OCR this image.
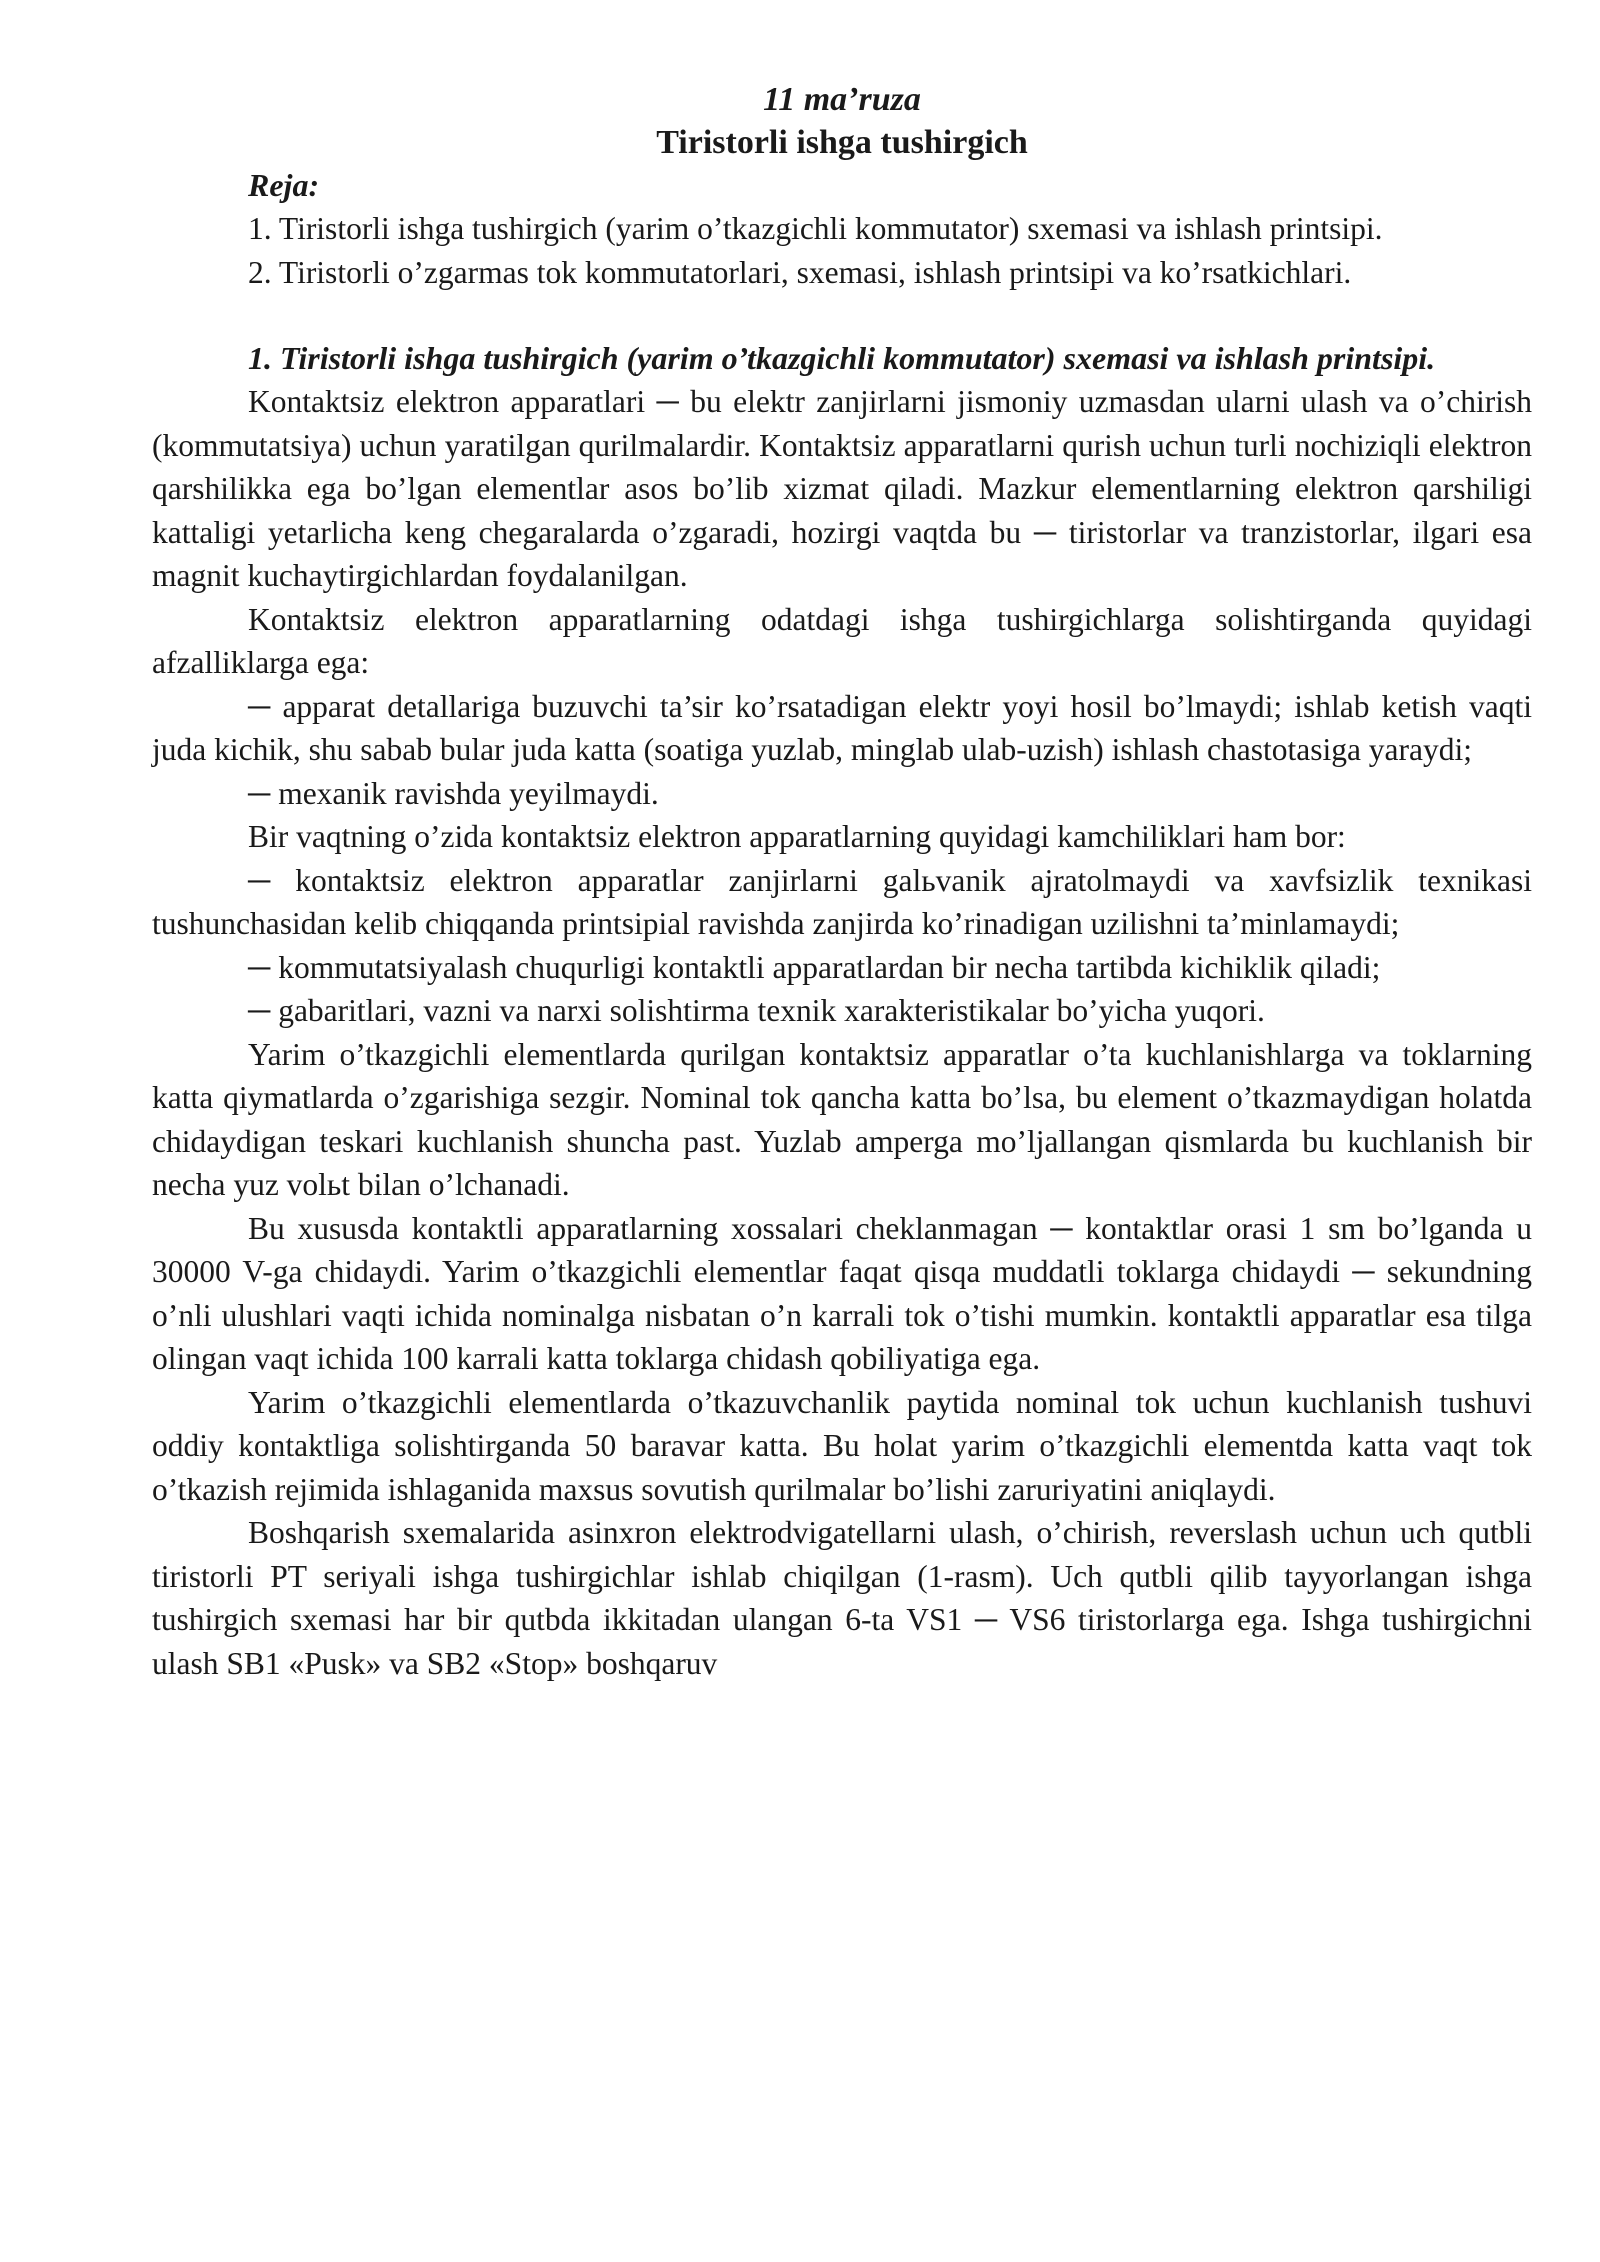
11 ma’ruza
Tiristorli ishga tushirgich

Reja:

1. Tiristorli ishga tushirgich (yarim o’tkazgichli kommutator) sxemasi va ishlash printsipi.

2. Tiristorli o’zgarmas tok kommutatorlari, sxemasi, ishlash printsipi va ko’rsatkichlari.

1. Tiristorli ishga tushirgich (yarim o’tkazgichli kommutator) sxemasi va ishlash printsipi.

Kontaktsiz elektron apparatlari ─ bu elektr zanjirlarni jismoniy uzmasdan ularni ulash va o’chirish (kommutatsiya) uchun yaratilgan qurilmalardir. Kontaktsiz apparatlarni qurish uchun turli nochiziqli elektron qarshilikka ega bo’lgan elementlar asos bo’lib xizmat qiladi. Mazkur elementlarning elektron qarshiligi kattaligi yetarlicha keng chegaralarda o’zgaradi, hozirgi vaqtda bu ─ tiristorlar va tranzistorlar, ilgari esa magnit kuchaytirgichlardan foydalanilgan.

Kontaktsiz elektron apparatlarning odatdagi ishga tushirgichlarga solishtirganda quyidagi afzalliklarga ega:

─ apparat detallariga buzuvchi ta’sir ko’rsatadigan elektr yoyi hosil bo’lmaydi; ishlab ketish vaqti juda kichik, shu sabab bular juda katta (soatiga yuzlab, minglab ulab-uzish) ishlash chastotasiga yaraydi;

─ mexanik ravishda yeyilmaydi.

Bir vaqtning o’zida kontaktsiz elektron apparatlarning quyidagi kamchiliklari ham bor:

─ kontaktsiz elektron apparatlar zanjirlarni galьvanik ajratolmaydi va xavfsizlik texnikasi tushunchasidan kelib chiqqanda printsipial ravishda zanjirda ko’rinadigan uzilishni ta’minlamaydi;

─ kommutatsiyalash chuqurligi kontaktli apparatlardan bir necha tartibda kichiklik qiladi;

─ gabaritlari, vazni va narxi solishtirma texnik xarakteristikalar bo’yicha yuqori.

Yarim o’tkazgichli elementlarda qurilgan kontaktsiz apparatlar o’ta kuchlanishlarga va toklarning katta qiymatlarda o’zgarishiga sezgir. Nominal tok qancha katta bo’lsa, bu element o’tkazmaydigan holatda chidaydigan teskari kuchlanish shuncha past. Yuzlab amperga mo’ljallangan qismlarda bu kuchlanish bir necha yuz volьt bilan o’lchanadi.

Bu xususda kontaktli apparatlarning xossalari cheklanmagan ─ kontaktlar orasi 1 sm bo’lganda u 30000 V-ga chidaydi. Yarim o’tkazgichli elementlar faqat qisqa muddatli toklarga chidaydi ─ sekundning o’nli ulushlari vaqti ichida nominalga nisbatan o’n karrali tok o’tishi mumkin. kontaktli apparatlar esa tilga olingan vaqt ichida 100 karrali katta toklarga chidash qobiliyatiga ega.

Yarim o’tkazgichli elementlarda o’tkazuvchanlik paytida nominal tok uchun kuchlanish tushuvi oddiy kontaktliga solishtirganda 50 baravar katta. Bu holat yarim o’tkazgichli elementda katta vaqt tok o’tkazish rejimida ishlaganida maxsus sovutish qurilmalar bo’lishi zaruriyatini aniqlaydi.

Boshqarish sxemalarida asinxron elektrodvigatellarni ulash, o’chirish, reverslash uchun uch qutbli tiristorli PT seriyali ishga tushirgichlar ishlab chiqilgan (1-rasm). Uch qutbli qilib tayyorlangan ishga tushirgich sxemasi har bir qutbda ikkitadan ulangan 6-ta VS1 ─ VS6 tiristorlarga ega. Ishga tushirgichni ulash SB1 «Pusk» va SB2 «Stop» boshqaruv
